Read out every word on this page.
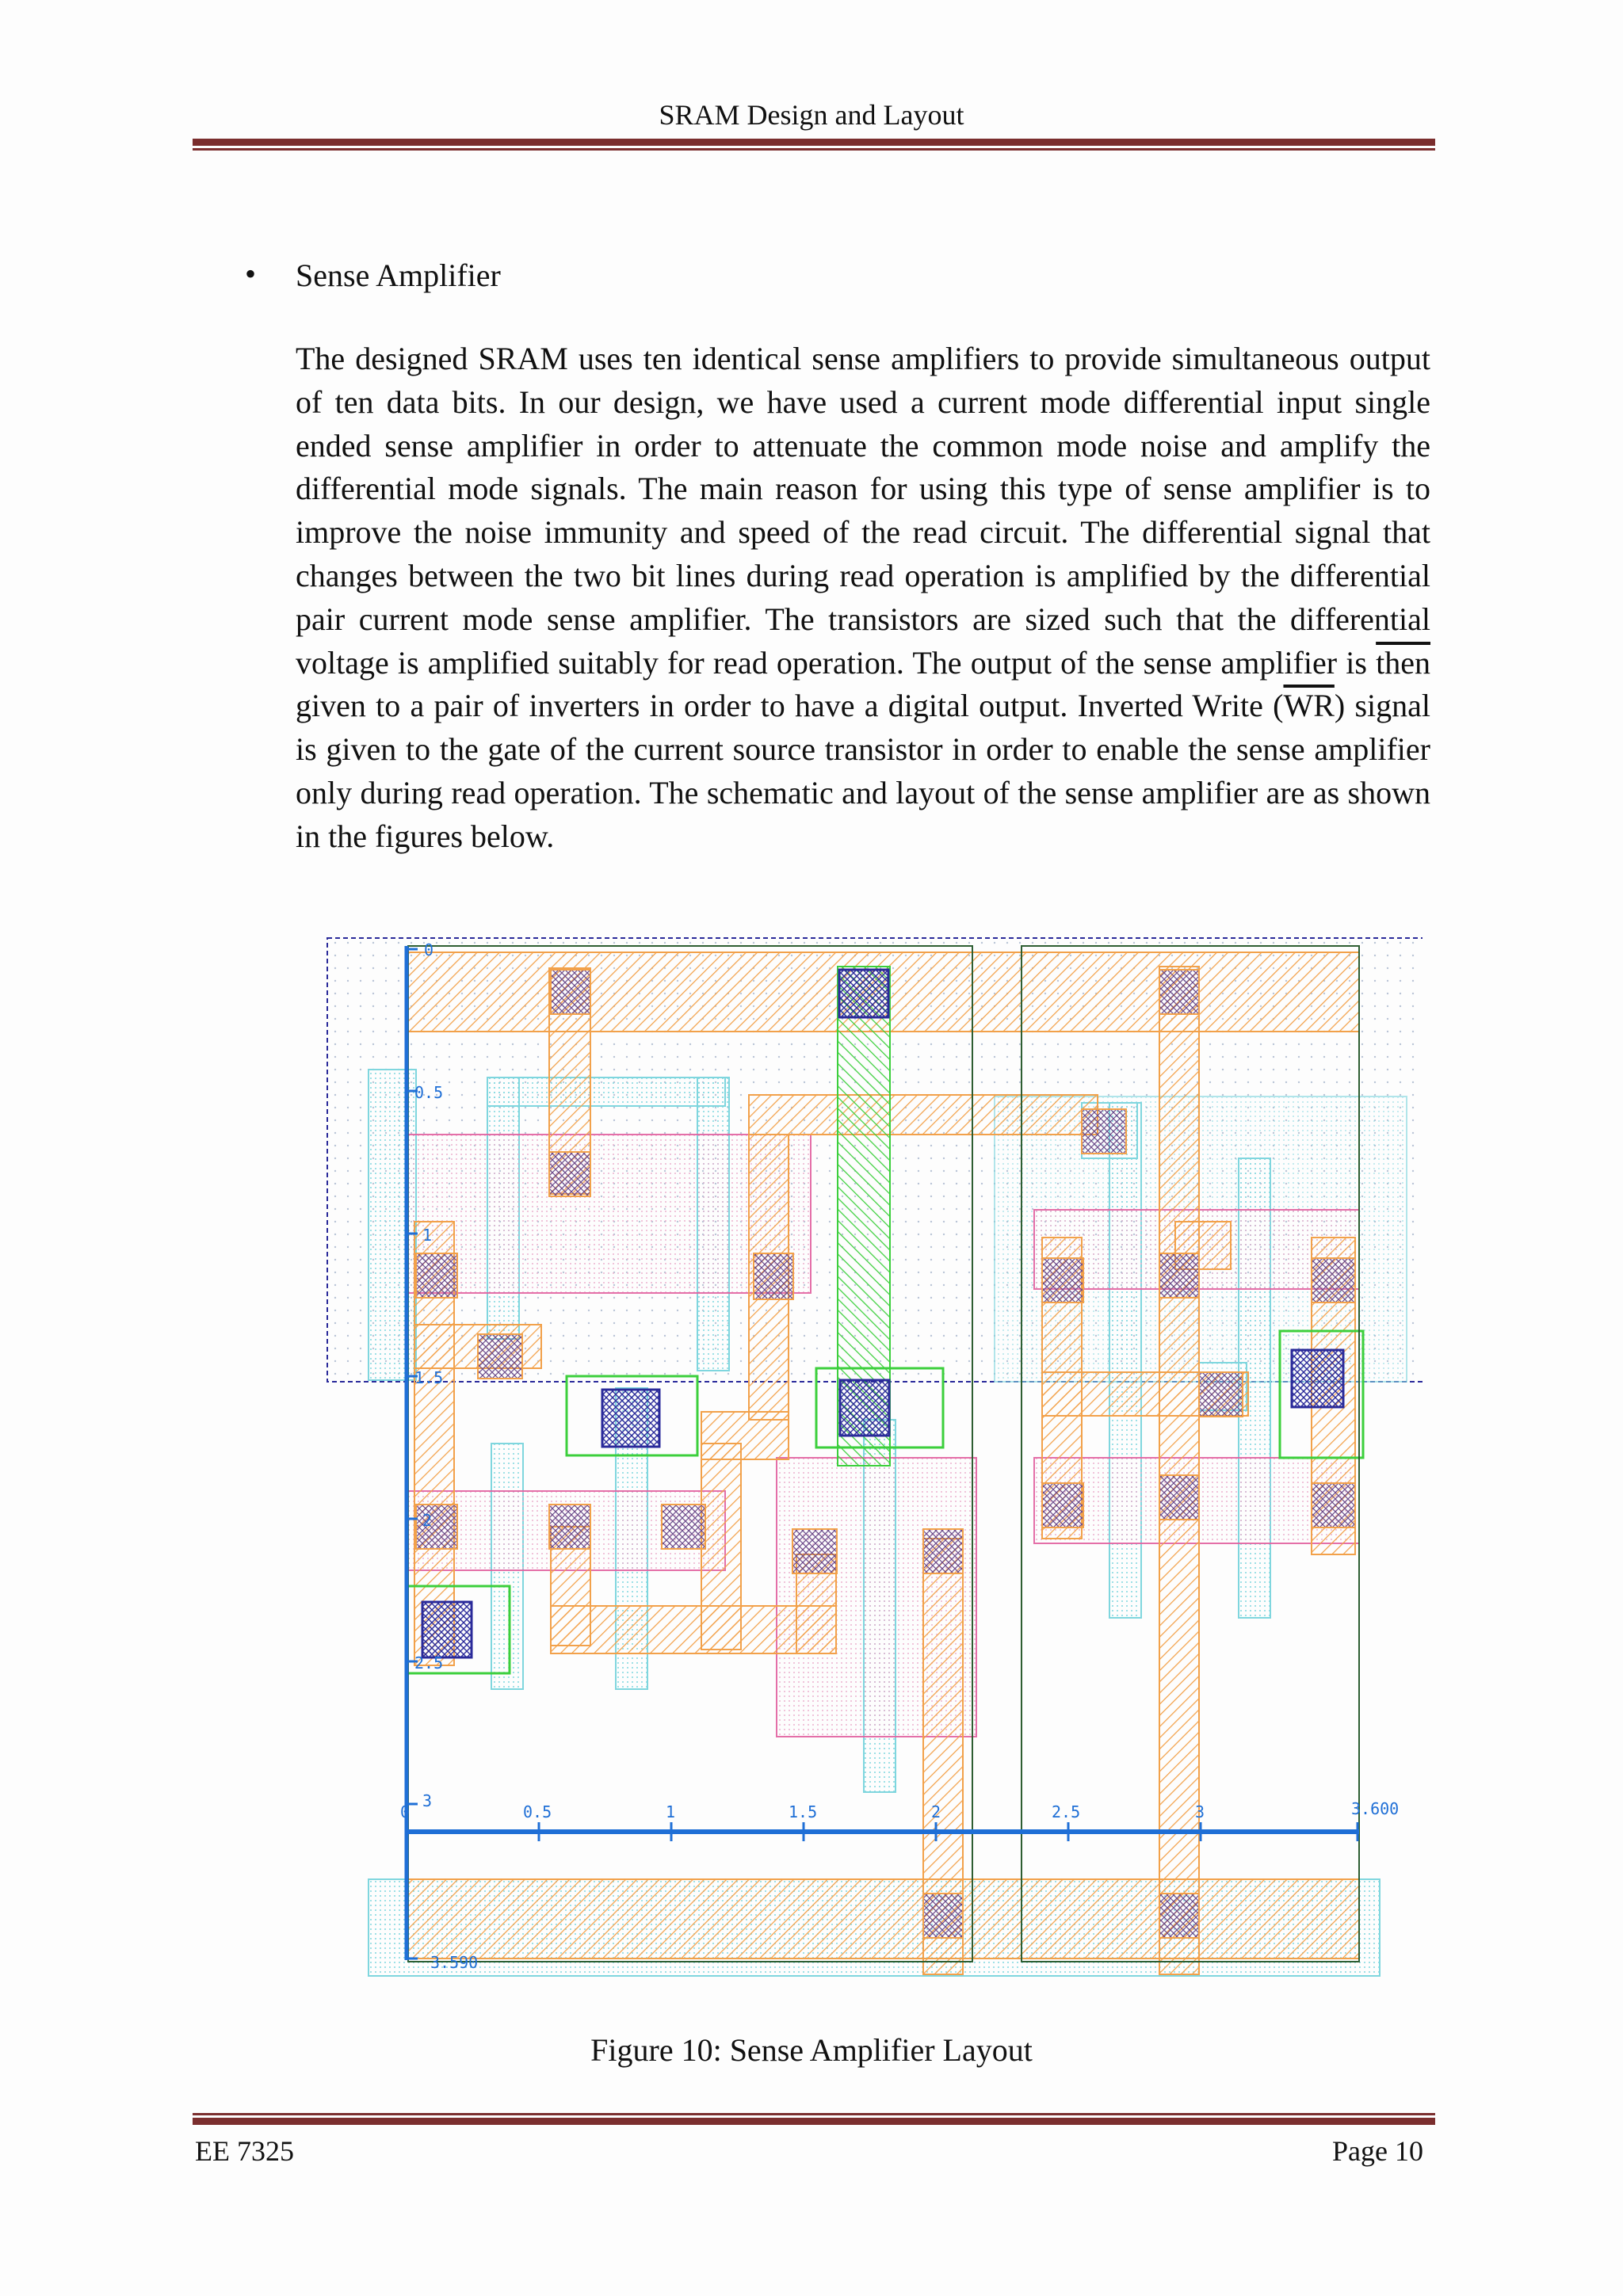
SRAM Design and Layout
• Sense Amplifier

The designed SRAM uses ten identical sense amplifiers to provide simultaneous output of ten data bits. In our design, we have used a current mode differential input single ended sense amplifier in order to attenuate the common mode noise and amplify the differential mode signals. The main reason for using this type of sense amplifier is to improve the noise immunity and speed of the read circuit. The differential signal that changes between the two bit lines during read operation is amplified by the differential pair current mode sense amplifier. The transistors are sized such that the differential voltage is amplified suitably for read operation. The output of the sense amplifier is then given to a pair of inverters in order to have a digital output. Inverted Write $(\overline{WR})$ signal is given to the gate of the current source transistor in order to enable the sense amplifier only during read operation. The schematic and layout of the sense amplifier are as shown in the figures below.

0
0.5
1
1.5
2
2.5
3
3.590
0	0.5	1	1.5	2	2.5	3	3.600
Figure 10: Sense Amplifier Layout
EE 7325	Page 10
